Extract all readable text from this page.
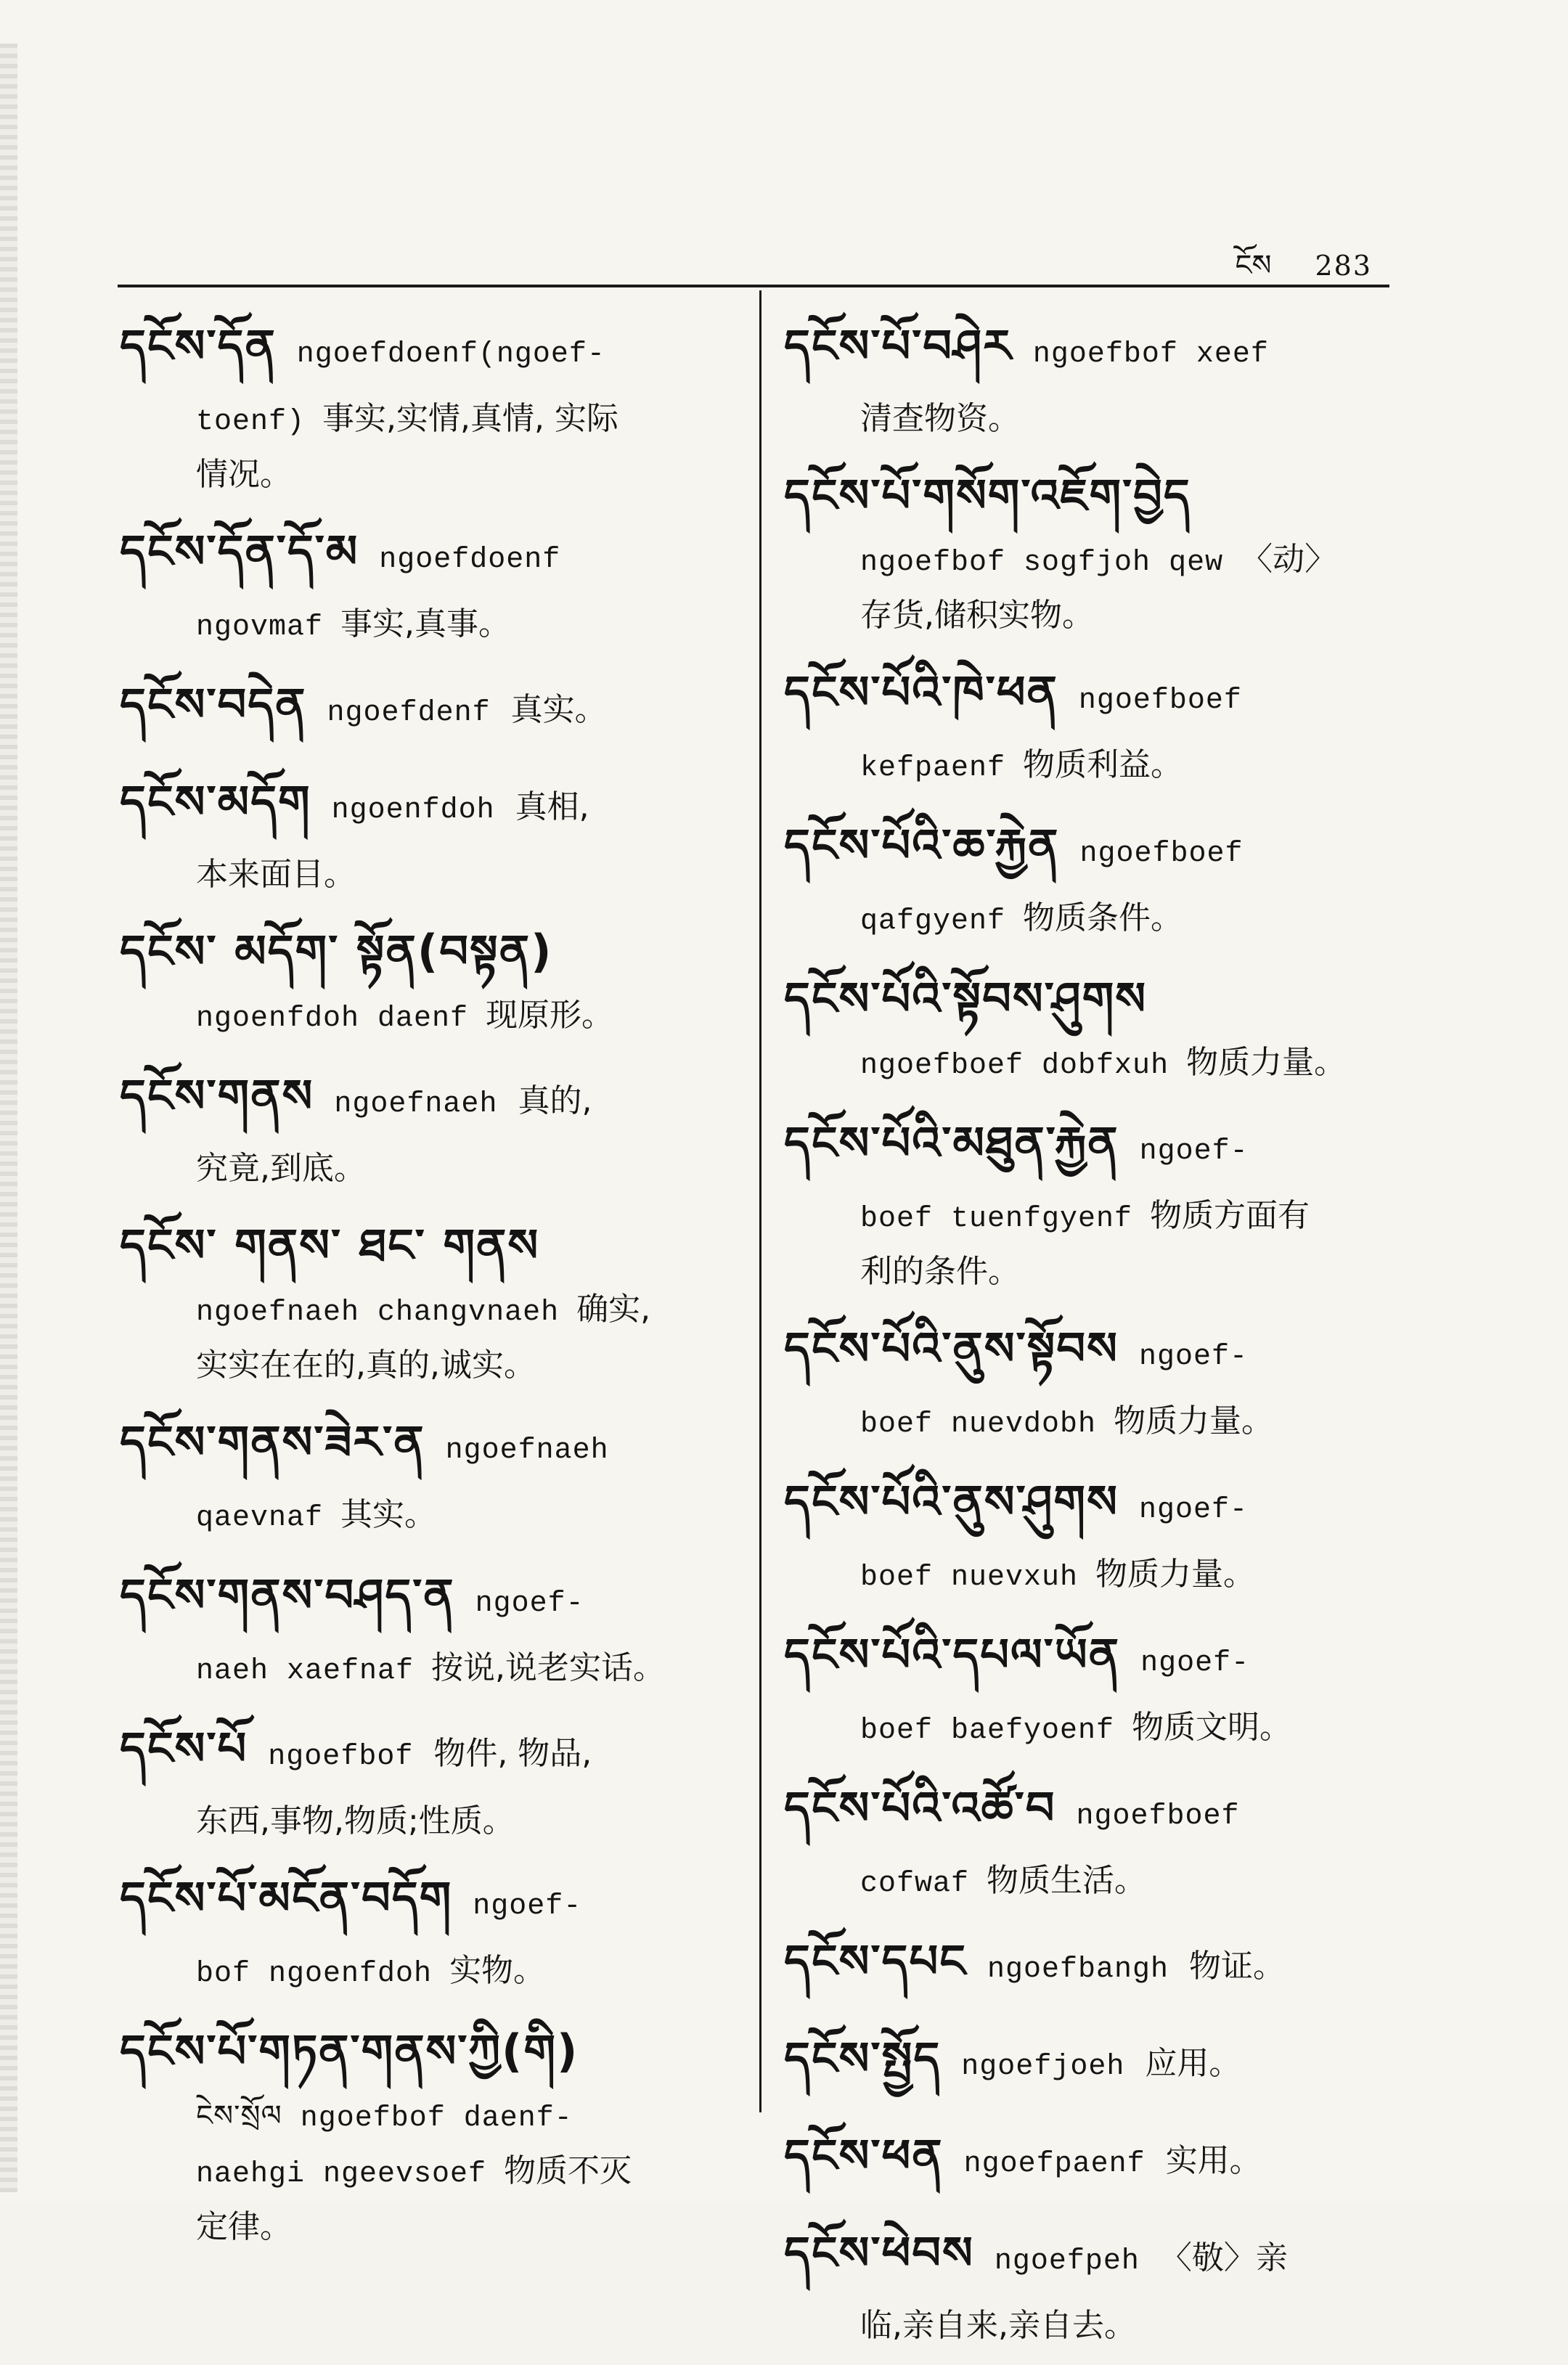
ངོས 283
དངོས་དོན ngoefdoenf(ngoef-
toenf) 事实,实情,真情, 实际
情况。
དངོས་དོན་དོ་མ ngoefdoenf
ngovmaf 事实,真事。
དངོས་བདེན ngoefdenf 真实。
དངོས་མདོག ngoenfdoh 真相,
本来面目。
དངོས་ མདོག་ སྟོན(བསྟན)
ngoenfdoh daenf 现原形。
དངོས་གནས ngoefnaeh 真的,
究竟,到底。
དངོས་ གནས་ ཐང་ གནས
ngoefnaeh changvnaeh 确实,
实实在在的,真的,诚实。
དངོས་གནས་ཟེར་ན ngoefnaeh
qaevnaf 其实。
དངོས་གནས་བཤད་ན ngoef-
naeh xaefnaf 按说,说老实话。
དངོས་པོ ngoefbof 物件, 物品,
东西,事物,物质;性质。
དངོས་པོ་མངོན་བདོག ngoef-
bof ngoenfdoh 实物。
དངོས་པོ་གཏན་གནས་ཀྱི(གི)
ངེས་སྲོལ ngoefbof daenf-
naehgi ngeevsoef 物质不灭
定律。
དངོས་པོ་བཤེར ngoefbof xeef
清查物资。
དངོས་པོ་གསོག་འཇོག་བྱེད
ngoefbof sogfjoh qew 〈动〉
存货,储积实物。
དངོས་པོའི་ཁེ་ཕན ngoefboef
kefpaenf 物质利益。
དངོས་པོའི་ཆ་རྐྱེན ngoefboef
qafgyenf 物质条件。
དངོས་པོའི་སྟོབས་ཤུགས
ngoefboef dobfxuh 物质力量。
དངོས་པོའི་མཐུན་རྐྱེན ngoef-
boef tuenfgyenf 物质方面有
利的条件。
དངོས་པོའི་ནུས་སྟོབས ngoef-
boef nuevdobh 物质力量。
དངོས་པོའི་ནུས་ཤུགས ngoef-
boef nuevxuh 物质力量。
དངོས་པོའི་དཔལ་ཡོན ngoef-
boef baefyoenf 物质文明。
དངོས་པོའི་འཚོ་བ ngoefboef
cofwaf 物质生活。
དངོས་དཔང ngoefbangh 物证。
དངོས་སྤྱོད ngoefjoeh 应用。
དངོས་ཕན ngoefpaenf 实用。
དངོས་ཕེབས ngoefpeh 〈敬〉亲
临,亲自来,亲自去。
